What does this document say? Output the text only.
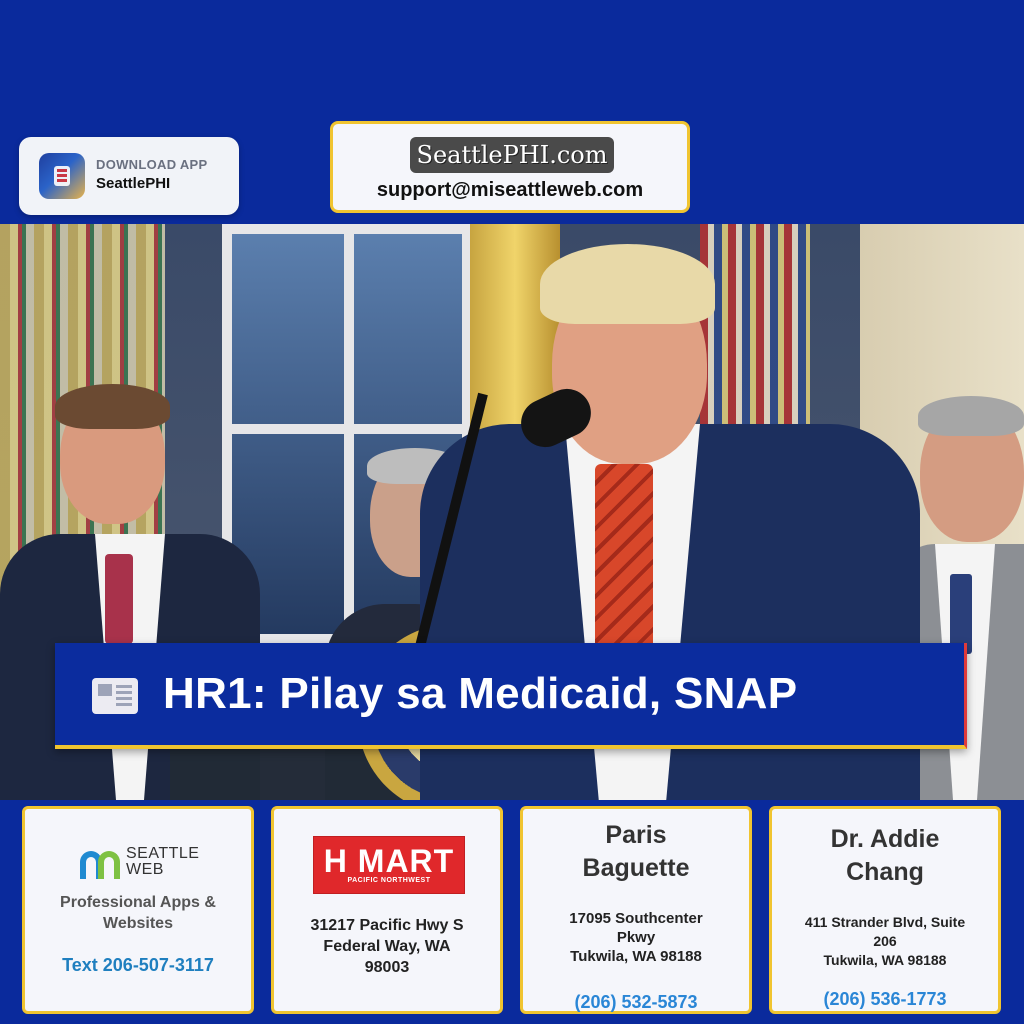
DOWNLOAD APP
SeattlePHI
SeattlePHI.com
support@miseattleweb.com
HR1: Pilay sa Medicaid, SNAP
SEATTLE
WEB
Professional Apps &
Websites
Text 206-507-3117
H MART
PACIFIC NORTHWEST
31217 Pacific Hwy S
Federal Way, WA
98003
Paris
Baguette
17095 Southcenter
Pkwy
Tukwila, WA 98188
(206) 532-5873
Dr. Addie
Chang
411 Strander Blvd, Suite
206
Tukwila, WA 98188
(206) 536-1773
